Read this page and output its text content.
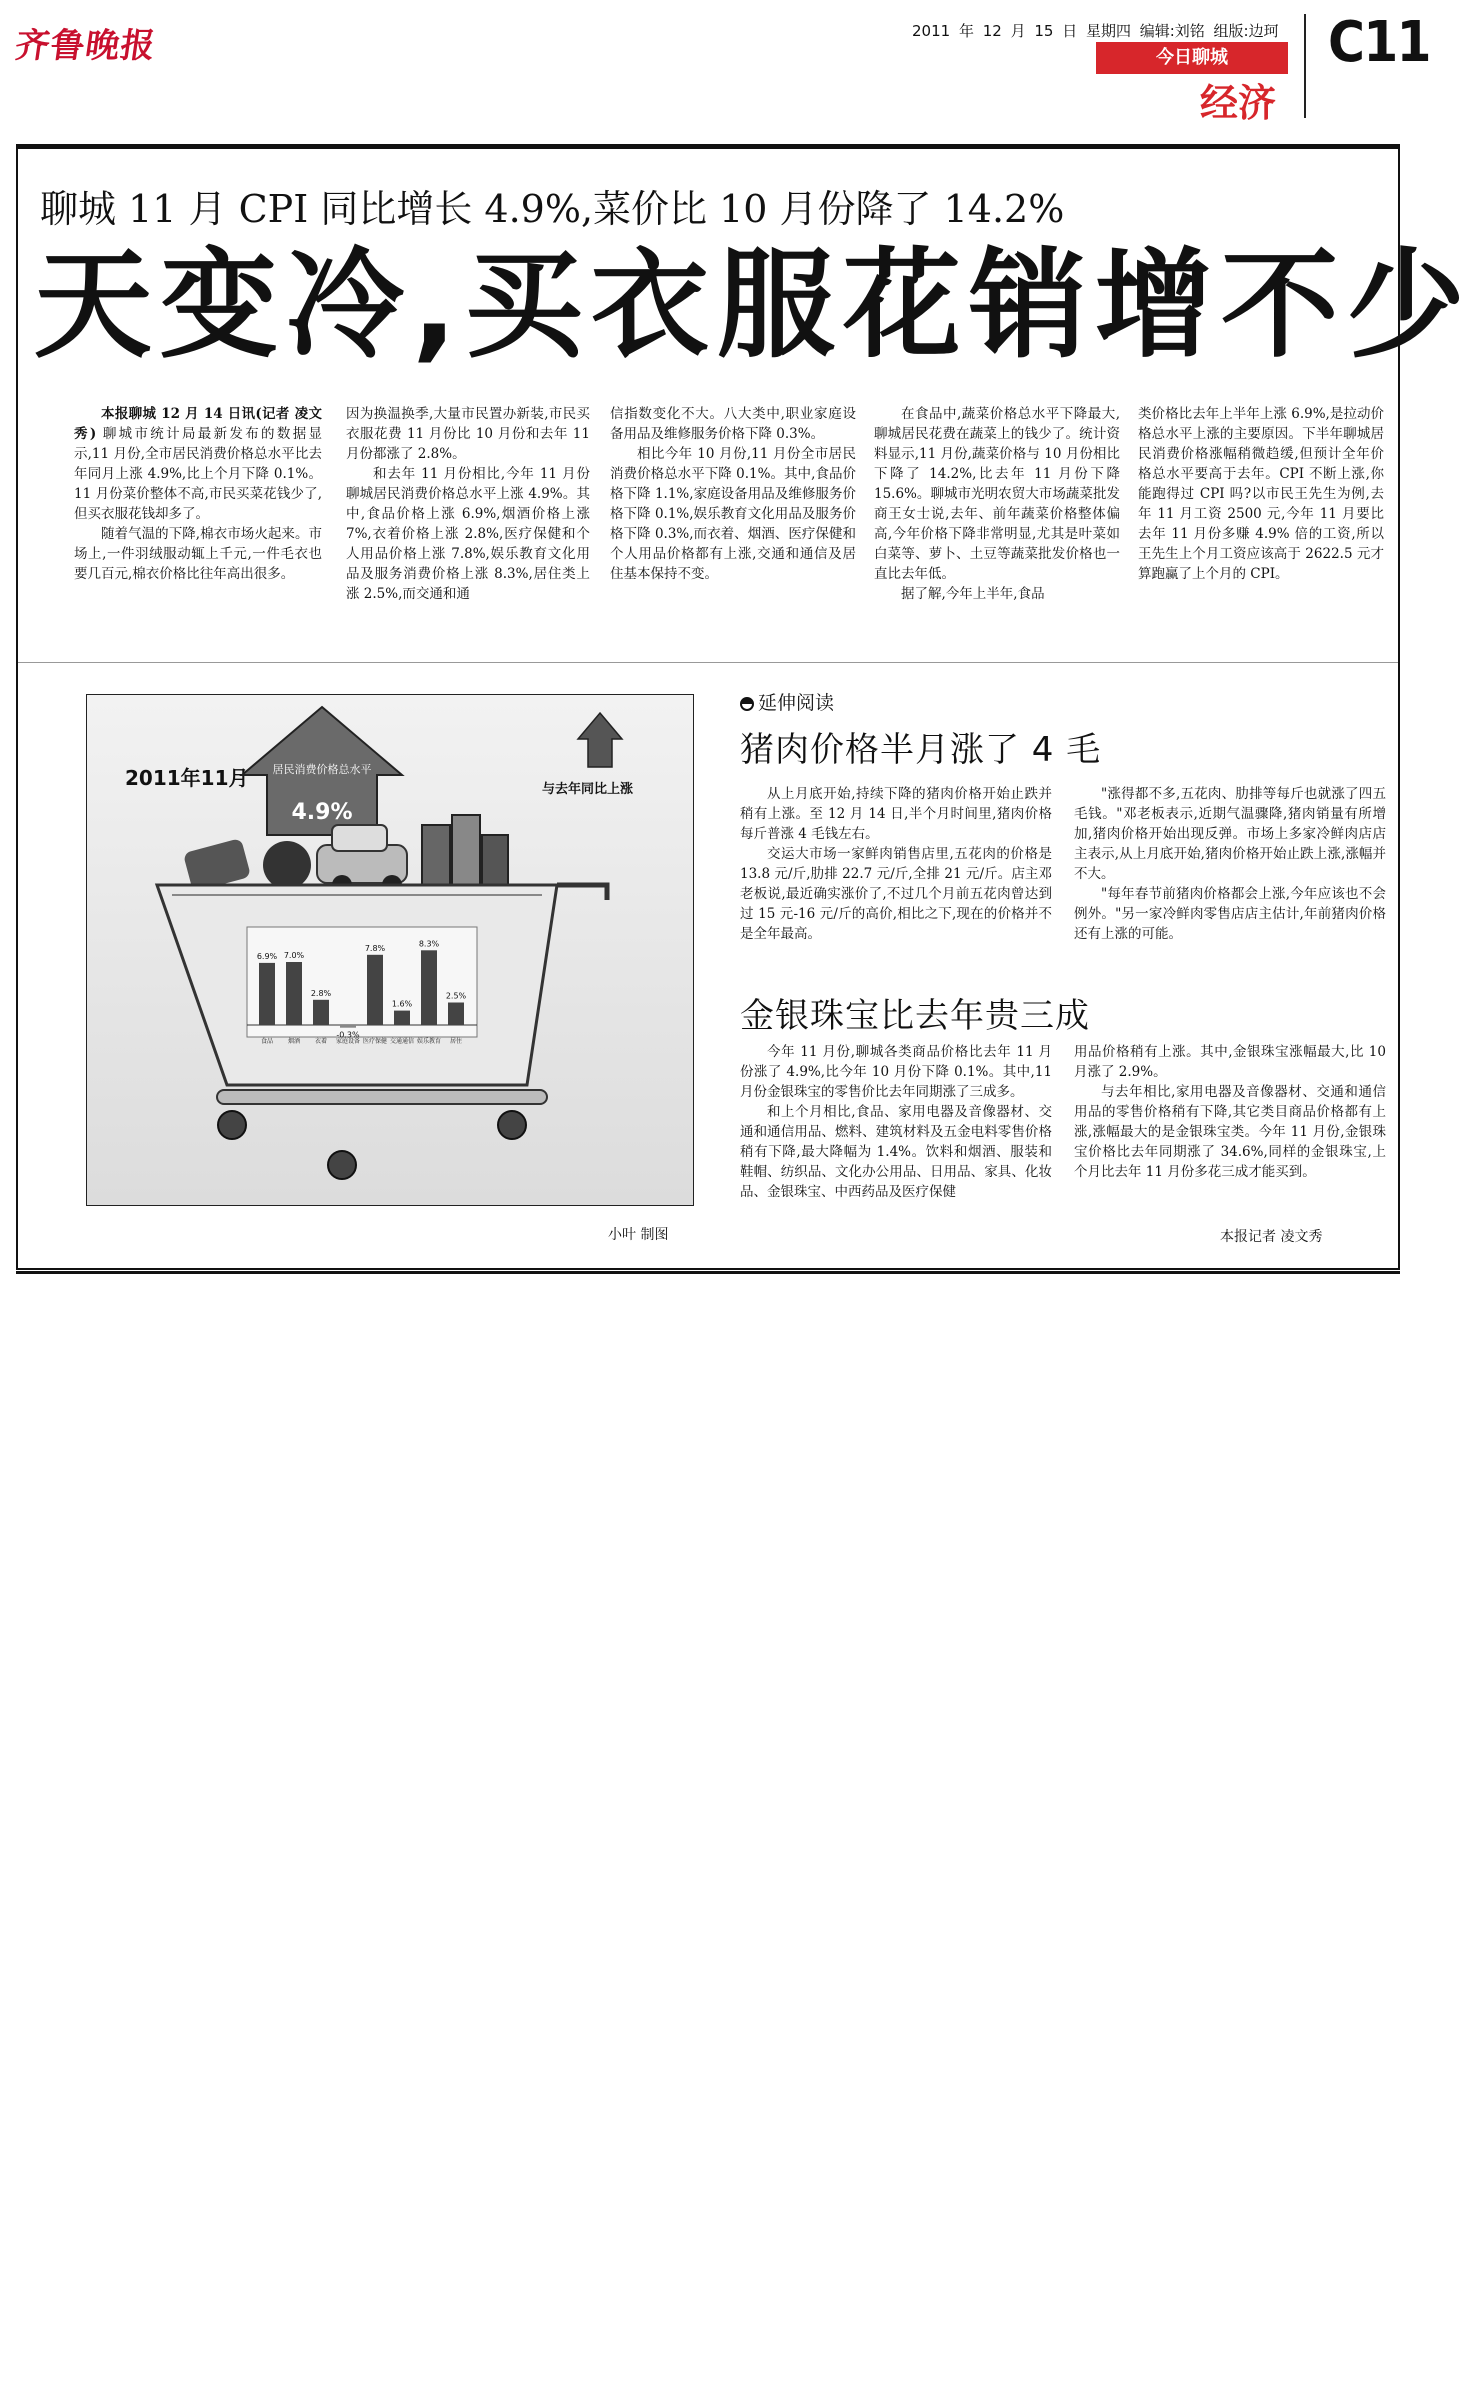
齐鲁晚报	2011 年 12 月 15 日 星期四 编辑:刘铭 组版:边珂
今日聊城
经济
C11
聊城 11 月 CPI 同比增长 4.9%,菜价比 10 月份降了 14.2%
天变冷,买衣服花销增不少

本报聊城 12 月 14 日讯(记者 凌文秀) 聊城市统计局最新发布的数据显示,11 月份,全市居民消费价格总水平比去年同月上涨 4.9%,比上个月下降 0.1%。11 月份菜价整体不高,市民买菜花钱少了,但买衣服花钱却多了。

随着气温的下降,棉衣市场火起来。市场上,一件羽绒服动辄上千元,一件毛衣也要几百元,棉衣价格比往年高出很多。

因为换温换季,大量市民置办新装,市民买衣服花费 11 月份比 10 月份和去年 11 月份都涨了 2.8%。

和去年 11 月份相比,今年 11 月份聊城居民消费价格总水平上涨 4.9%。其中,食品价格上涨 6.9%,烟酒价格上涨 7%,衣着价格上涨 2.8%,医疗保健和个人用品价格上涨 7.8%,娱乐教育文化用品及服务消费价格上涨 8.3%,居住类上涨 2.5%,而交通和通

信指数变化不大。八大类中,职业家庭设备用品及维修服务价格下降 0.3%。

相比今年 10 月份,11 月份全市居民消费价格总水平下降 0.1%。其中,食品价格下降 1.1%,家庭设备用品及维修服务价格下降 0.1%,娱乐教育文化用品及服务价格下降 0.3%,而衣着、烟酒、医疗保健和个人用品价格都有上涨,交通和通信及居住基本保持不变。

在食品中,蔬菜价格总水平下降最大,聊城居民花费在蔬菜上的钱少了。统计资料显示,11 月份,蔬菜价格与 10 月份相比下降了 14.2%,比去年 11 月份下降 15.6%。聊城市光明农贸大市场蔬菜批发商王女士说,去年、前年蔬菜价格整体偏高,今年价格下降非常明显,尤其是叶菜如白菜等、萝卜、土豆等蔬菜批发价格也一直比去年低。

据了解,今年上半年,食品

类价格比去年上半年上涨 6.9%,是拉动价格总水平上涨的主要原因。下半年聊城居民消费价格涨幅稍微趋缓,但预计全年价格总水平要高于去年。CPI 不断上涨,你能跑得过 CPI 吗?以市民王先生为例,去年 11 月工资 2500 元,今年 11 月要比去年 11 月份多赚 4.9% 倍的工资,所以王先生上个月工资应该高于 2622.5 元才算跑赢了上个月的 CPI。

2011年11月 居民消费价格总水平
4.9%
与去年同比上涨
6.9%
食品
7.0%
烟酒
2.8%
衣着
-0.3%
家庭设备
7.8%
医疗保健
1.6%
交通通信
8.3%
娱乐教育
2.5%
居住
小叶 制图
延伸阅读
猪肉价格半月涨了 4 毛

从上月底开始,持续下降的猪肉价格开始止跌并稍有上涨。至 12 月 14 日,半个月时间里,猪肉价格每斤普涨 4 毛钱左右。

交运大市场一家鲜肉销售店里,五花肉的价格是 13.8 元/斤,肋排 22.7 元/斤,全排 21 元/斤。店主邓老板说,最近确实涨价了,不过几个月前五花肉曾达到过 15 元-16 元/斤的高价,相比之下,现在的价格并不是全年最高。

"涨得都不多,五花肉、肋排等每斤也就涨了四五毛钱。"邓老板表示,近期气温骤降,猪肉销量有所增加,猪肉价格开始出现反弹。市场上多家冷鲜肉店店主表示,从上月底开始,猪肉价格开始止跌上涨,涨幅并不大。

"每年春节前猪肉价格都会上涨,今年应该也不会例外。"另一家冷鲜肉零售店店主估计,年前猪肉价格还有上涨的可能。

金银珠宝比去年贵三成

今年 11 月份,聊城各类商品价格比去年 11 月份涨了 4.9%,比今年 10 月份下降 0.1%。其中,11 月份金银珠宝的零售价比去年同期涨了三成多。

和上个月相比,食品、家用电器及音像器材、交通和通信用品、燃料、建筑材料及五金电料零售价格稍有下降,最大降幅为 1.4%。饮料和烟酒、服装和鞋帽、纺织品、文化办公用品、日用品、家具、化妆品、金银珠宝、中西药品及医疗保健

用品价格稍有上涨。其中,金银珠宝涨幅最大,比 10 月涨了 2.9%。

与去年相比,家用电器及音像器材、交通和通信用品的零售价格稍有下降,其它类目商品价格都有上涨,涨幅最大的是金银珠宝类。今年 11 月份,金银珠宝价格比去年同期涨了 34.6%,同样的金银珠宝,上个月比去年 11 月份多花三成才能买到。

本报记者 凌文秀
